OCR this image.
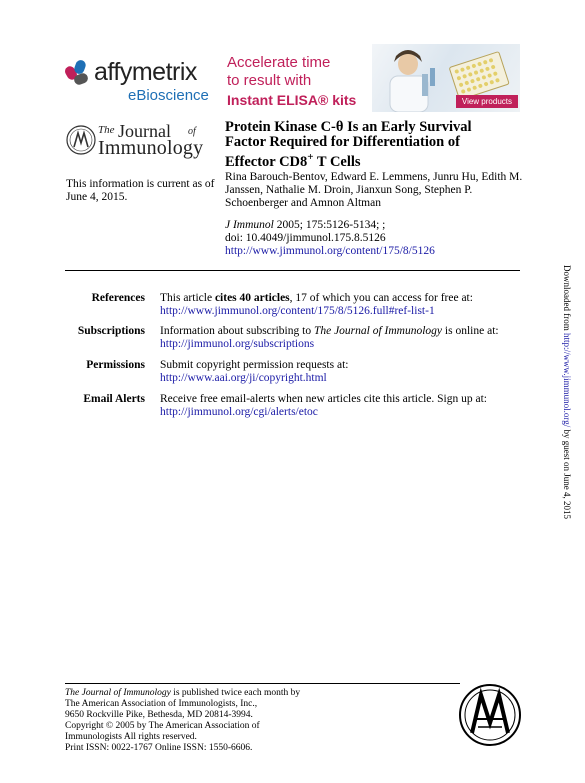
affymetrix
eBioscience
Accelerate time
to result with
Instant ELISA® kits	View products
The Journal of
Immunology
Protein Kinase C-θ Is an Early Survival
Factor Required for Differentiation of
Effector CD8+ T Cells
This information is current as of June 4, 2015.
Rina Barouch-Bentov, Edward E. Lemmens, Junru Hu, Edith M. Janssen, Nathalie M. Droin, Jianxun Song, Stephen P. Schoenberger and Amnon Altman
J Immunol 2005; 175:5126-5134; ;
doi: 10.4049/jimmunol.175.8.5126
http://www.jimmunol.org/content/175/8/5126
References This article cites 40 articles, 17 of which you can access for free at:
http://www.jimmunol.org/content/175/8/5126.full#ref-list-1
Subscriptions Information about subscribing to The Journal of Immunology is online at:
http://jimmunol.org/subscriptions
Permissions Submit copyright permission requests at:
http://www.aai.org/ji/copyright.html
Email Alerts Receive free email-alerts when new articles cite this article. Sign up at:
http://jimmunol.org/cgi/alerts/etoc
Downloaded from http://www.jimmunol.org/ by guest on June 4, 2015
The Journal of Immunology is published twice each month by
The American Association of Immunologists, Inc.,
9650 Rockville Pike, Bethesda, MD 20814-3994.
Copyright © 2005 by The American Association of
Immunologists All rights reserved.
Print ISSN: 0022-1767 Online ISSN: 1550-6606.
